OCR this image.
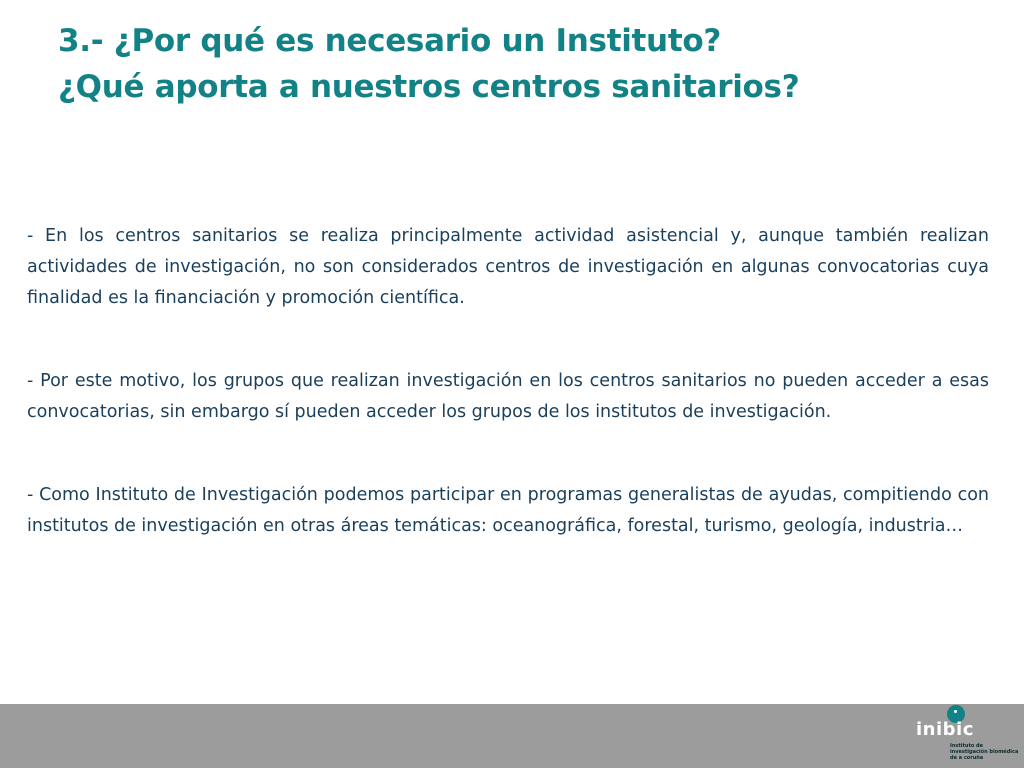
3.- ¿Por qué es necesario un Instituto?
¿Qué aporta a nuestros centros sanitarios?

- En los centros sanitarios se realiza principalmente actividad asistencial y, aunque también realizan actividades de investigación, no son considerados centros de investigación en algunas convocatorias cuya finalidad es la financiación y promoción científica.

- Por este motivo, los grupos que realizan investigación en los centros sanitarios no pueden acceder a esas convocatorias, sin embargo sí pueden acceder los grupos de los institutos de investigación.

- Como Instituto de Investigación podemos participar en programas generalistas de ayudas, compitiendo con institutos de investigación en otras áreas temáticas: oceanográfica, forestal, turismo, geología, industria…

inibic
Instituto de
investigación biomédica
de a coruña
